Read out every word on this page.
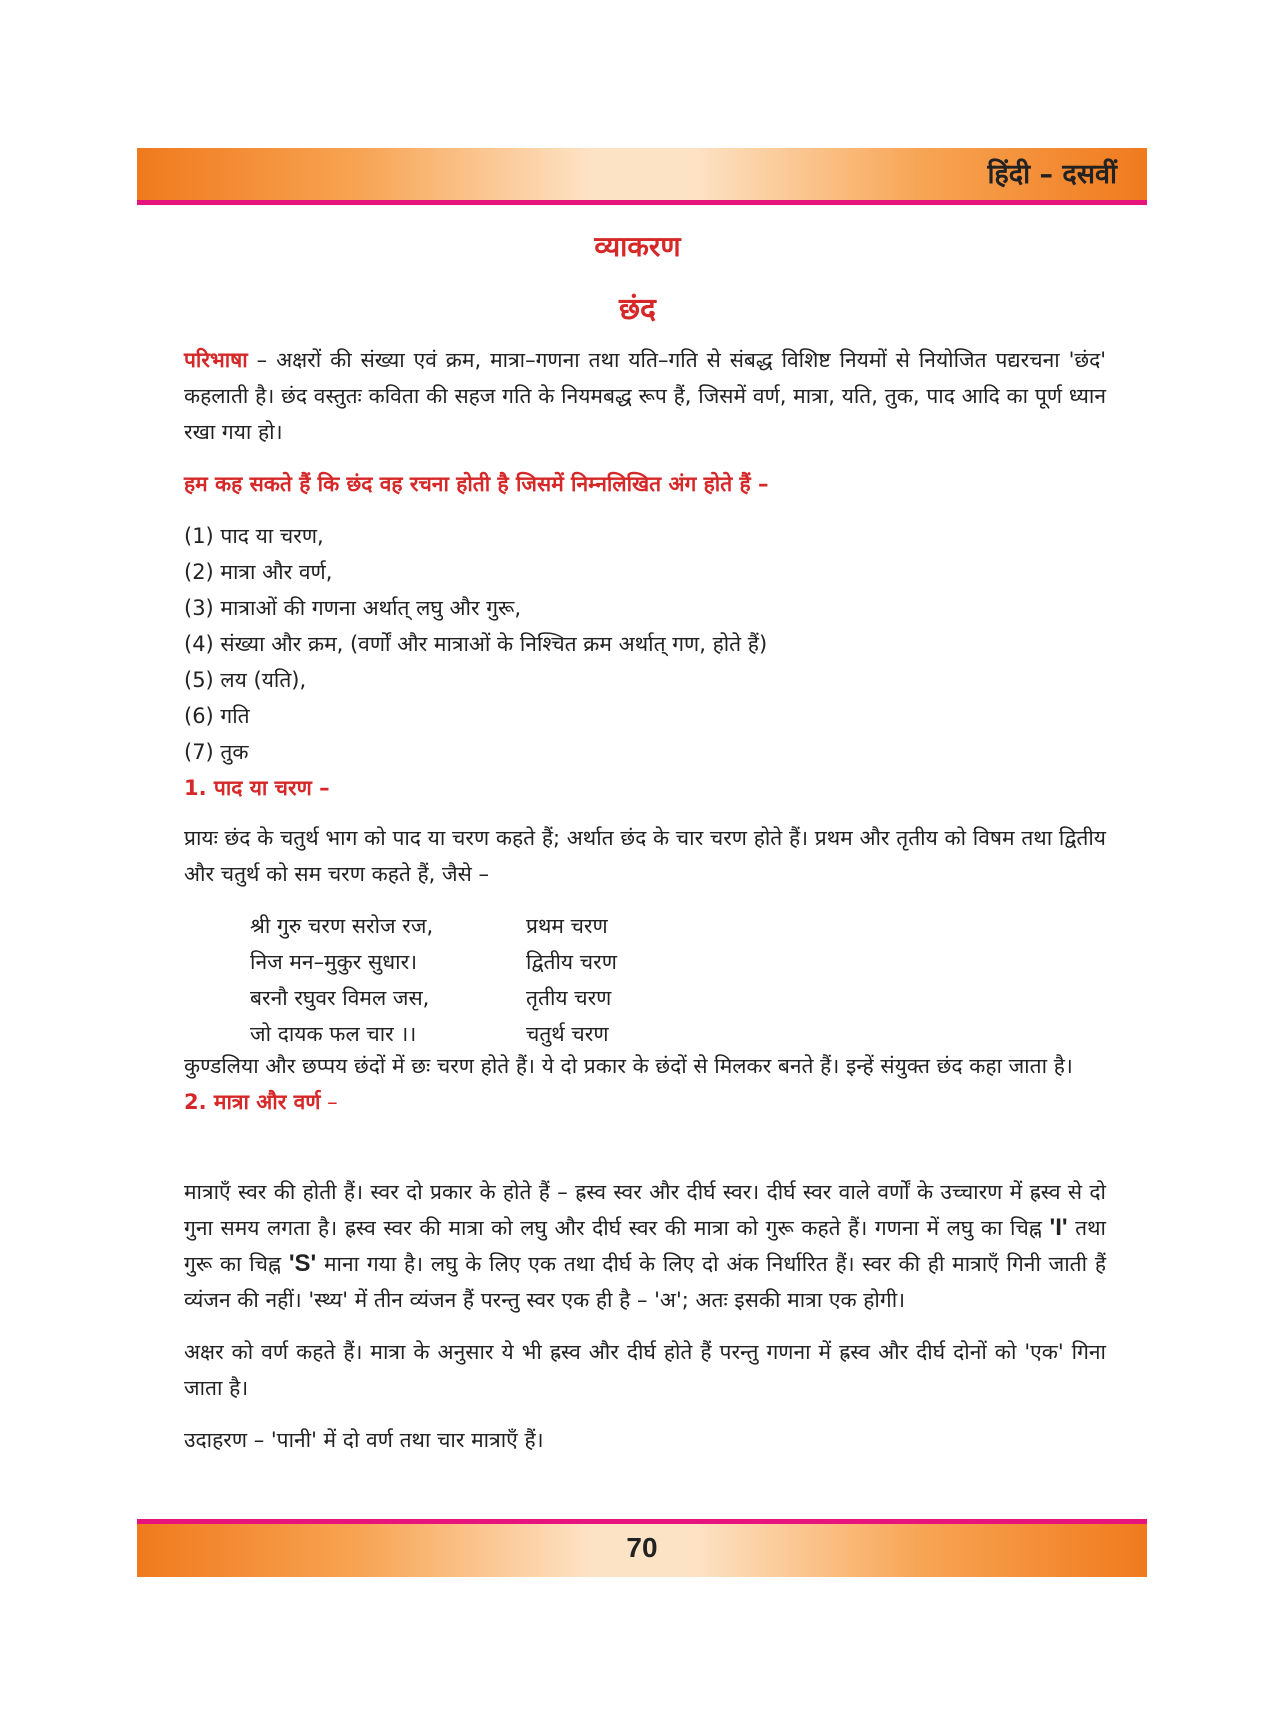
हिंदी – दसवीं
व्याकरण
छंद

परिभाषा – अक्षरों की संख्या एवं क्रम, मात्रा–गणना तथा यति–गति से संबद्ध विशिष्ट नियमों से नियोजित पद्यरचना 'छंद' कहलाती है। छंद वस्तुतः कविता की सहज गति के नियमबद्ध रूप हैं, जिसमें वर्ण, मात्रा, यति, तुक, पाद आदि का पूर्ण ध्यान रखा गया हो।

हम कह सकते हैं कि छंद वह रचना होती है जिसमें निम्नलिखित अंग होते हैं –

(1) पाद या चरण,
(2) मात्रा और वर्ण,
(3) मात्राओं की गणना अर्थात् लघु और गुरू,
(4) संख्या और क्रम, (वर्णों और मात्राओं के निश्चित क्रम अर्थात् गण, होते हैं)
(5) लय (यति),
(6) गति
(7) तुक
1. पाद या चरण –

प्रायः छंद के चतुर्थ भाग को पाद या चरण कहते हैं; अर्थात छंद के चार चरण होते हैं। प्रथम और तृतीय को विषम तथा द्वितीय और चतुर्थ को सम चरण कहते हैं, जैसे –

श्री गुरु चरण सरोज रज,	प्रथम चरण
निज मन–मुकुर सुधार।	द्वितीय चरण
बरनौ रघुवर विमल जस,	तृतीय चरण
जो दायक फल चार ।।	चतुर्थ चरण

कुण्डलिया और छप्पय छंदों में छः चरण होते हैं। ये दो प्रकार के छंदों से मिलकर बनते हैं। इन्हें संयुक्त छंद कहा जाता है।

2. मात्रा और वर्ण –

मात्राएँ स्वर की होती हैं। स्वर दो प्रकार के होते हैं – ह्रस्व स्वर और दीर्घ स्वर। दीर्घ स्वर वाले वर्णों के उच्चारण में ह्रस्व से दो गुना समय लगता है। ह्रस्व स्वर की मात्रा को लघु और दीर्घ स्वर की मात्रा को गुरू कहते हैं। गणना में लघु का चिह्न 'I' तथा गुरू का चिह्न 'S' माना गया है। लघु के लिए एक तथा दीर्घ के लिए दो अंक निर्धारित हैं। स्वर की ही मात्राएँ गिनी जाती हैं व्यंजन की नहीं। 'स्थ्य' में तीन व्यंजन हैं परन्तु स्वर एक ही है – 'अ'; अतः इसकी मात्रा एक होगी।

अक्षर को वर्ण कहते हैं। मात्रा के अनुसार ये भी ह्रस्व और दीर्घ होते हैं परन्तु गणना में ह्रस्व और दीर्घ दोनों को 'एक' गिना जाता है।

उदाहरण – 'पानी' में दो वर्ण तथा चार मात्राएँ हैं।

70
